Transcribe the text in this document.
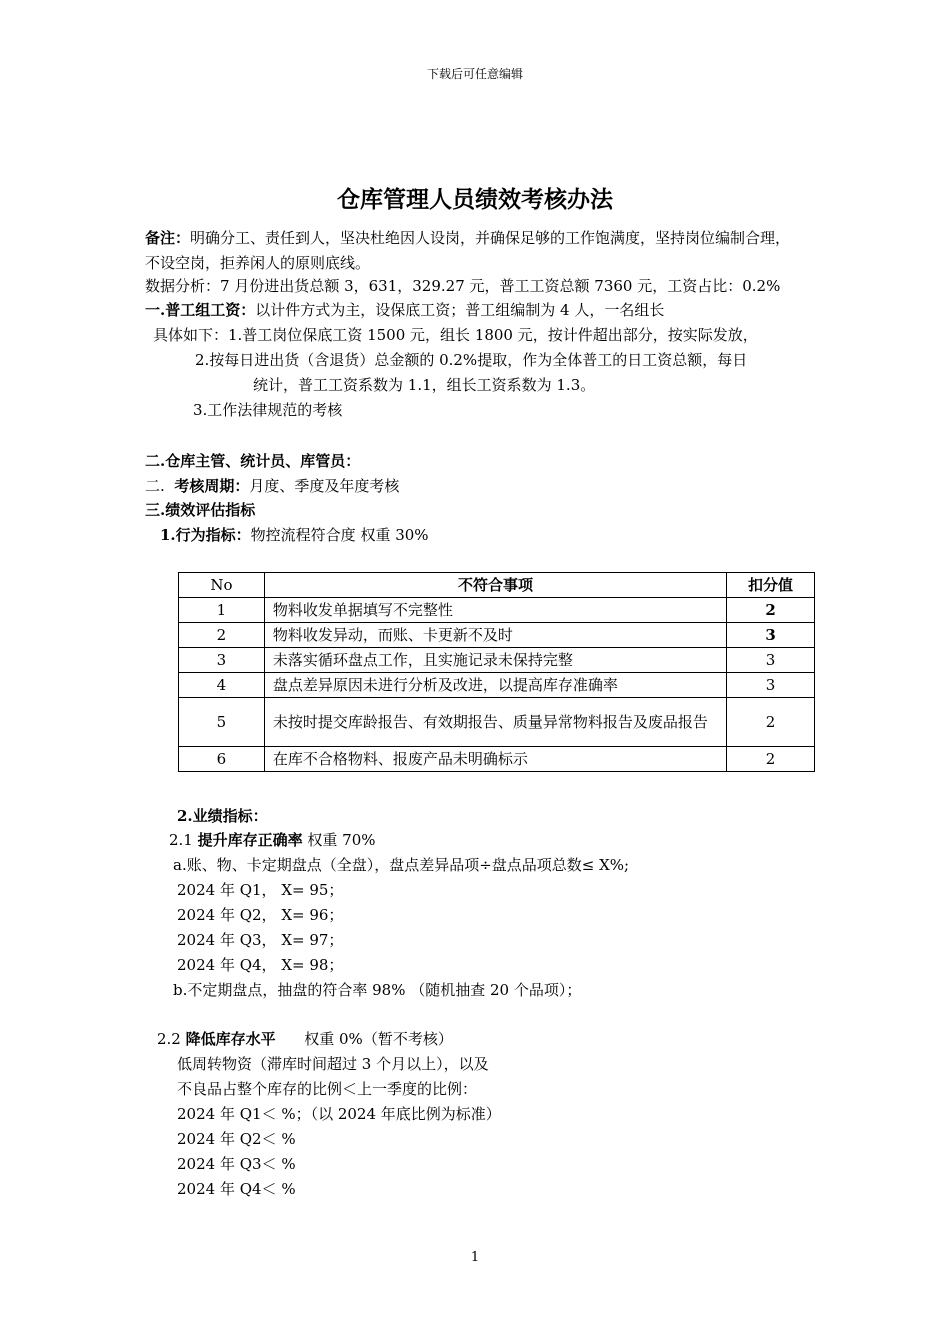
下载后可任意编辑
仓库管理人员绩效考核办法
备注：明确分工、责任到人，坚决杜绝因人设岗，并确保足够的工作饱满度，坚持岗位编制合理，不设空岗，拒养闲人的原则底线。
数据分析：7 月份进出货总额 3，631，329.27 元，普工工资总额 7360 元，工资占比：0.2%
一.普工组工资：以计件方式为主，设保底工资；普工组编制为 4 人，一名组长
具体如下：1.普工岗位保底工资 1500 元，组长 1800 元，按计件超出部分，按实际发放，
2.按每日进出货（含退货）总金额的 0.2%提取，作为全体普工的日工资总额，每日
统计，普工工资系数为 1.1，组长工资系数为 1.3。
3.工作法律规范的考核
二.仓库主管、统计员、库管员：
二. 考核周期：月度、季度及年度考核
三.绩效评估指标
1.行为指标：物控流程符合度 权重 30%
No	不符合事项	扣分值
1	物料收发单据填写不完整性	2
2	物料收发异动，而账、卡更新不及时	3
3	未落实循环盘点工作，且实施记录未保持完整	3
4	盘点差异原因未进行分析及改进，以提高库存准确率	3
5	未按时提交库龄报告、有效期报告、质量异常物料报告及废品报告	2
6	在库不合格物料、报废产品未明确标示	2
2.业绩指标：
2.1 提升库存正确率 权重 70%
a.账、物、卡定期盘点（全盘），盘点差异品项÷盘点品项总数≤ X%;
2024 年 Q1， X= 95；
2024 年 Q2， X= 96；
2024 年 Q3， X= 97；
2024 年 Q4， X= 98；
b.不定期盘点，抽盘的符合率 98% （随机抽查 20 个品项）；
2.2 降低库存水平      权重 0%（暂不考核）
低周转物资（滞库时间超过 3 个月以上），以及
不良品占整个库存的比例＜上一季度的比例：
2024 年 Q1＜ %；（以 2024 年底比例为标准）
2024 年 Q2＜ %
2024 年 Q3＜ %
2024 年 Q4＜ %
1
